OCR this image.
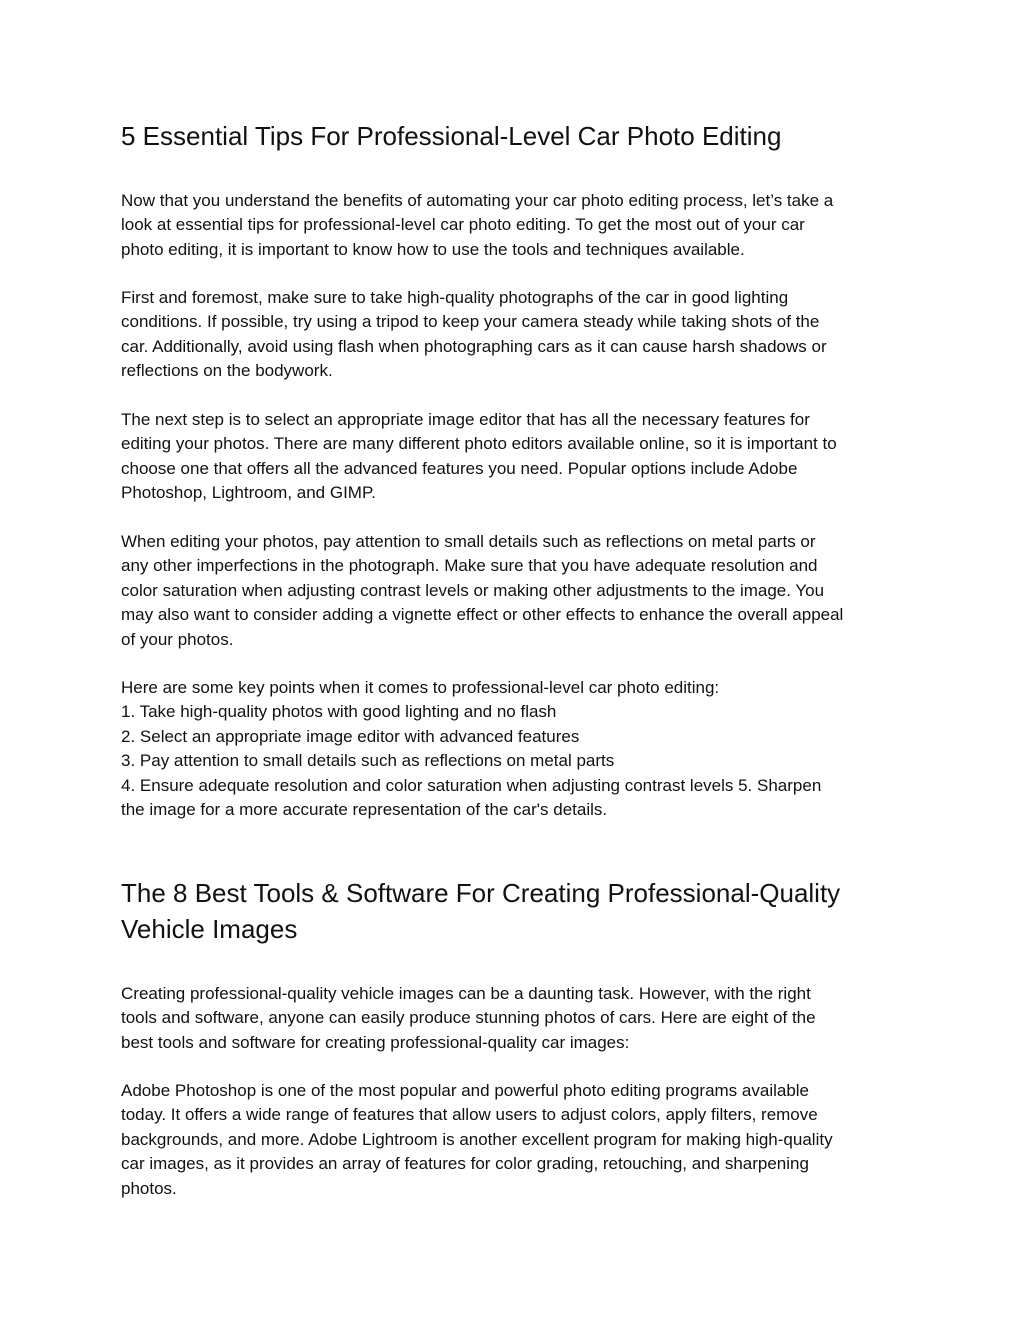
5 Essential Tips For Professional-Level Car Photo Editing

Now that you understand the benefits of automating your car photo editing process, let’s take a
look at essential tips for professional-level car photo editing. To get the most out of your car
photo editing, it is important to know how to use the tools and techniques available.

First and foremost, make sure to take high-quality photographs of the car in good lighting
conditions. If possible, try using a tripod to keep your camera steady while taking shots of the
car. Additionally, avoid using flash when photographing cars as it can cause harsh shadows or
reflections on the bodywork.

The next step is to select an appropriate image editor that has all the necessary features for
editing your photos. There are many different photo editors available online, so it is important to
choose one that offers all the advanced features you need. Popular options include Adobe
Photoshop, Lightroom, and GIMP.

When editing your photos, pay attention to small details such as reflections on metal parts or
any other imperfections in the photograph. Make sure that you have adequate resolution and
color saturation when adjusting contrast levels or making other adjustments to the image. You
may also want to consider adding a vignette effect or other effects to enhance the overall appeal
of your photos.

Here are some key points when it comes to professional-level car photo editing:
1. Take high-quality photos with good lighting and no flash
2. Select an appropriate image editor with advanced features
3. Pay attention to small details such as reflections on metal parts
4. Ensure adequate resolution and color saturation when adjusting contrast levels 5. Sharpen
the image for a more accurate representation of the car's details.

The 8 Best Tools & Software For Creating Professional-Quality
Vehicle Images

Creating professional-quality vehicle images can be a daunting task. However, with the right
tools and software, anyone can easily produce stunning photos of cars. Here are eight of the
best tools and software for creating professional-quality car images:

Adobe Photoshop is one of the most popular and powerful photo editing programs available
today. It offers a wide range of features that allow users to adjust colors, apply filters, remove
backgrounds, and more. Adobe Lightroom is another excellent program for making high-quality
car images, as it provides an array of features for color grading, retouching, and sharpening
photos.
